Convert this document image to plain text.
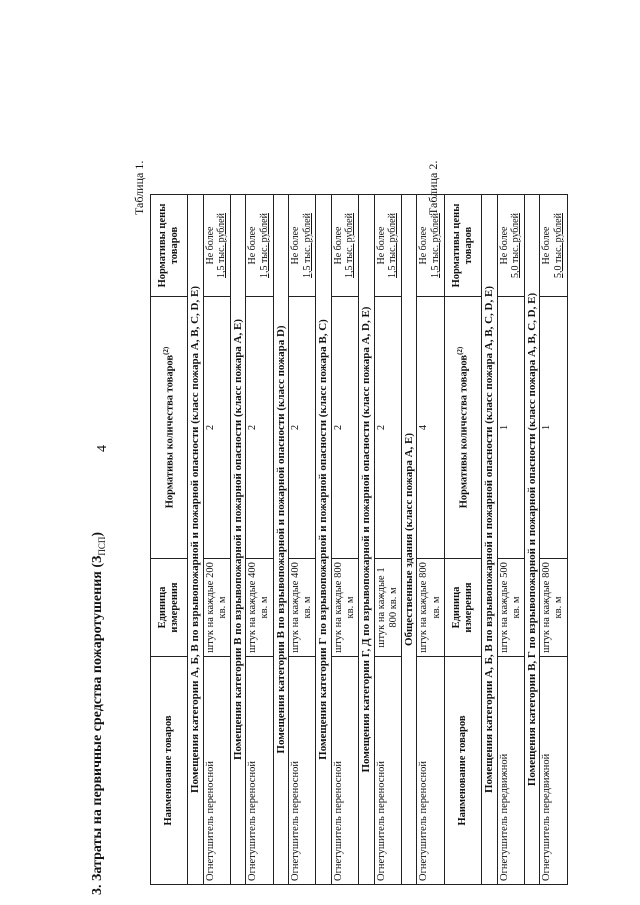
4
3. Затраты на первичные средства пожаротушения $(З_{ПСП})$
Таблица 1.
Наименование товаров	Единица измерения	Нормативы количества товаров$^{(2)}$	Нормативы цены товаров
Помещения категории А, Б, В по взрывопожарной и пожарной опасности (класс пожара А, В, С, D, Е)			
Огнетушитель переносной	штук на каждые 200 кв. м	2	Не более 1,5 тыс. рублей

Помещения категории В по взрывопожарной и пожарной опасности (класс пожара А, Е)			
Огнетушитель переносной	штук на каждые 400 кв. м	2	Не более 1,5 тыс. рублей

Помещения категории В по взрывопожарной и пожарной опасности (класс пожара D)			
Огнетушитель переносной	штук на каждые 400 кв. м	2	Не более 1,5 тыс. рублей

Помещения категории Г по взрывопожарной и пожарной опасности (класс пожара В, С)			
Огнетушитель переносной	штук на каждые 800 кв. м	2	Не более 1,5 тыс. рублей

Помещения категории Г, Д по взрывопожарной и пожарной опасности (класс пожара А, D, Е)			
Огнетушитель переносной	штук на каждые 1 800 кв. м	2	Не более 1,5 тыс. рублей

Общественные здания (класс пожара А, Е)			
Огнетушитель переносной	штук на каждые 800 кв. м	4	Не более 1,5 тыс. рублей
Таблица 2.
Наименование товаров	Единица измерения	Нормативы количества товаров$^{(2)}$	Нормативы цены товаров
Помещения категории А, Б, В по взрывопожарной и пожарной опасности (класс пожара А, В, С, D, Е)			
Огнетушитель передвижной	штук на каждые 500 кв. м	1	Не более 5,0 тыс. рублей

Помещения категории В, Г по взрывопожарной и пожарной опасности (класс пожара А, В, С, D, Е)			
Огнетушитель передвижной	штук на каждые 800 кв. м	1	Не более 5,0 тыс. рублей
